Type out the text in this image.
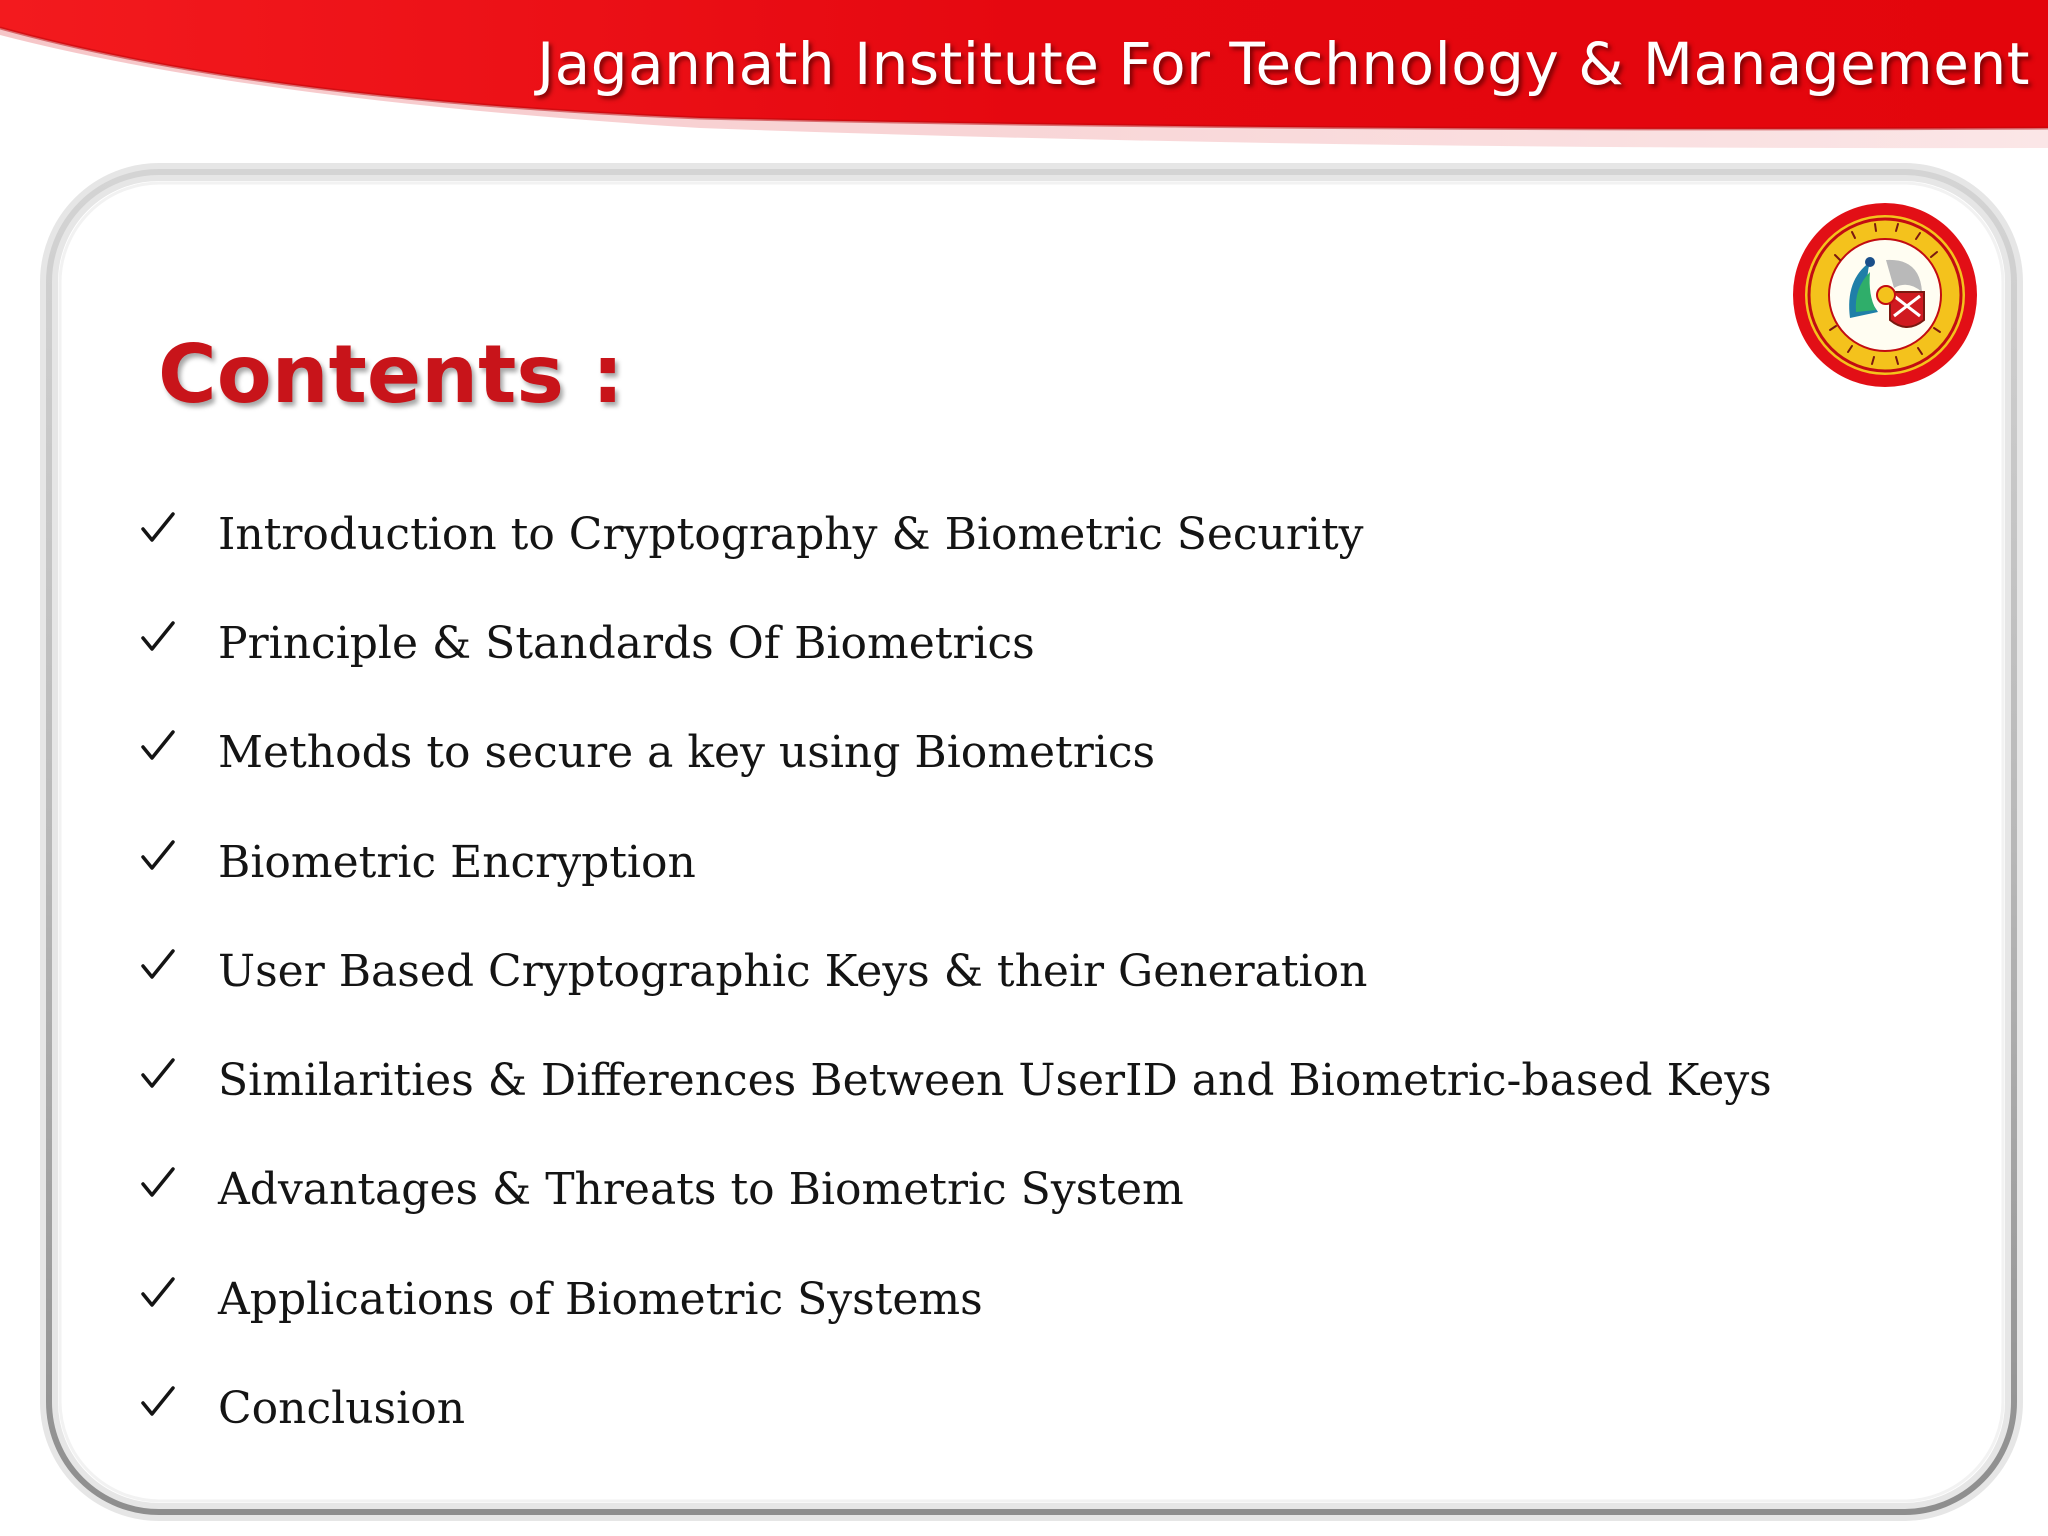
Jagannath Institute For Technology & Management
Contents :
Introduction to Cryptography & Biometric Security
Principle & Standards Of Biometrics
Methods to secure a key using Biometrics
Biometric Encryption
User Based Cryptographic Keys & their Generation
Similarities & Differences Between UserID and Biometric-based Keys
Advantages & Threats to Biometric System
Applications of Biometric Systems
Conclusion
